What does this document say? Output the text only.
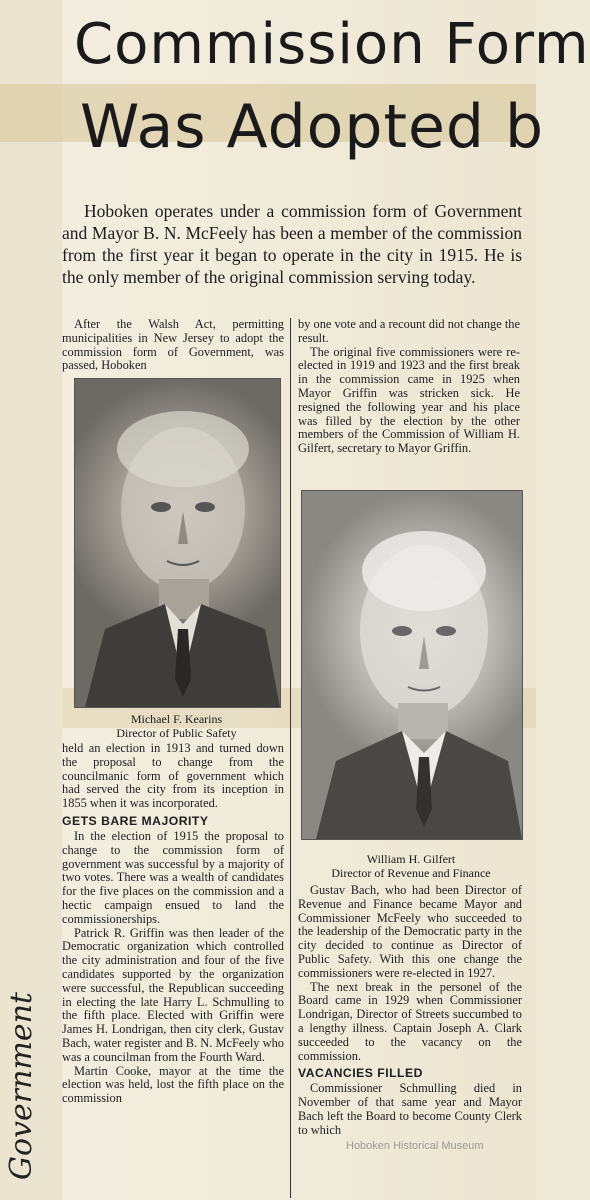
Commission Form
Was Adopted b

Hoboken operates under a commission form of Government and Mayor B. N. McFeely has been a member of the commission from the first year it began to operate in the city in 1915. He is the only member of the original commission serving today.

After the Walsh Act, permitting municipalities in New Jersey to adopt the commission form of Government, was passed, Hoboken

Michael F. Kearins
Director of Public Safety

held an election in 1913 and turned down the proposal to change from the councilmanic form of government which had served the city from its inception in 1855 when it was incorporated.

GETS BARE MAJORITY

In the election of 1915 the proposal to change to the commission form of government was successful by a majority of two votes. There was a wealth of candidates for the five places on the commission and a hectic campaign ensued to land the commissionerships.

Patrick R. Griffin was then leader of the Democratic organization which controlled the city administration and four of the five candidates supported by the organization were successful, the Republican succeeding in electing the late Harry L. Schmulling to the fifth place. Elected with Griffin were James H. Londrigan, then city clerk, Gustav Bach, water register and B. N. McFeely who was a councilman from the Fourth Ward.

Martin Cooke, mayor at the time the election was held, lost the fifth place on the commission

by one vote and a recount did not change the result.

The original five commissioners were re-elected in 1919 and 1923 and the first break in the commission came in 1925 when Mayor Griffin was stricken sick. He resigned the following year and his place was filled by the election by the other members of the Commission of William H. Gilfert, secretary to Mayor Griffin.

William H. Gilfert
Director of Revenue and Finance

Gustav Bach, who had been Director of Revenue and Finance became Mayor and Commissioner McFeely who succeeded to the leadership of the Democratic party in the city decided to continue as Director of Public Safety. With this one change the commissioners were re-elected in 1927.

The next break in the personel of the Board came in 1929 when Commissioner Londrigan, Director of Streets succumbed to a lengthy illness. Captain Joseph A. Clark succeeded to the vacancy on the commission.

VACANCIES FILLED

Commissioner Schmulling died in November of that same year and Mayor Bach left the Board to become County Clerk to which

Government	Hoboken Historical Museum
